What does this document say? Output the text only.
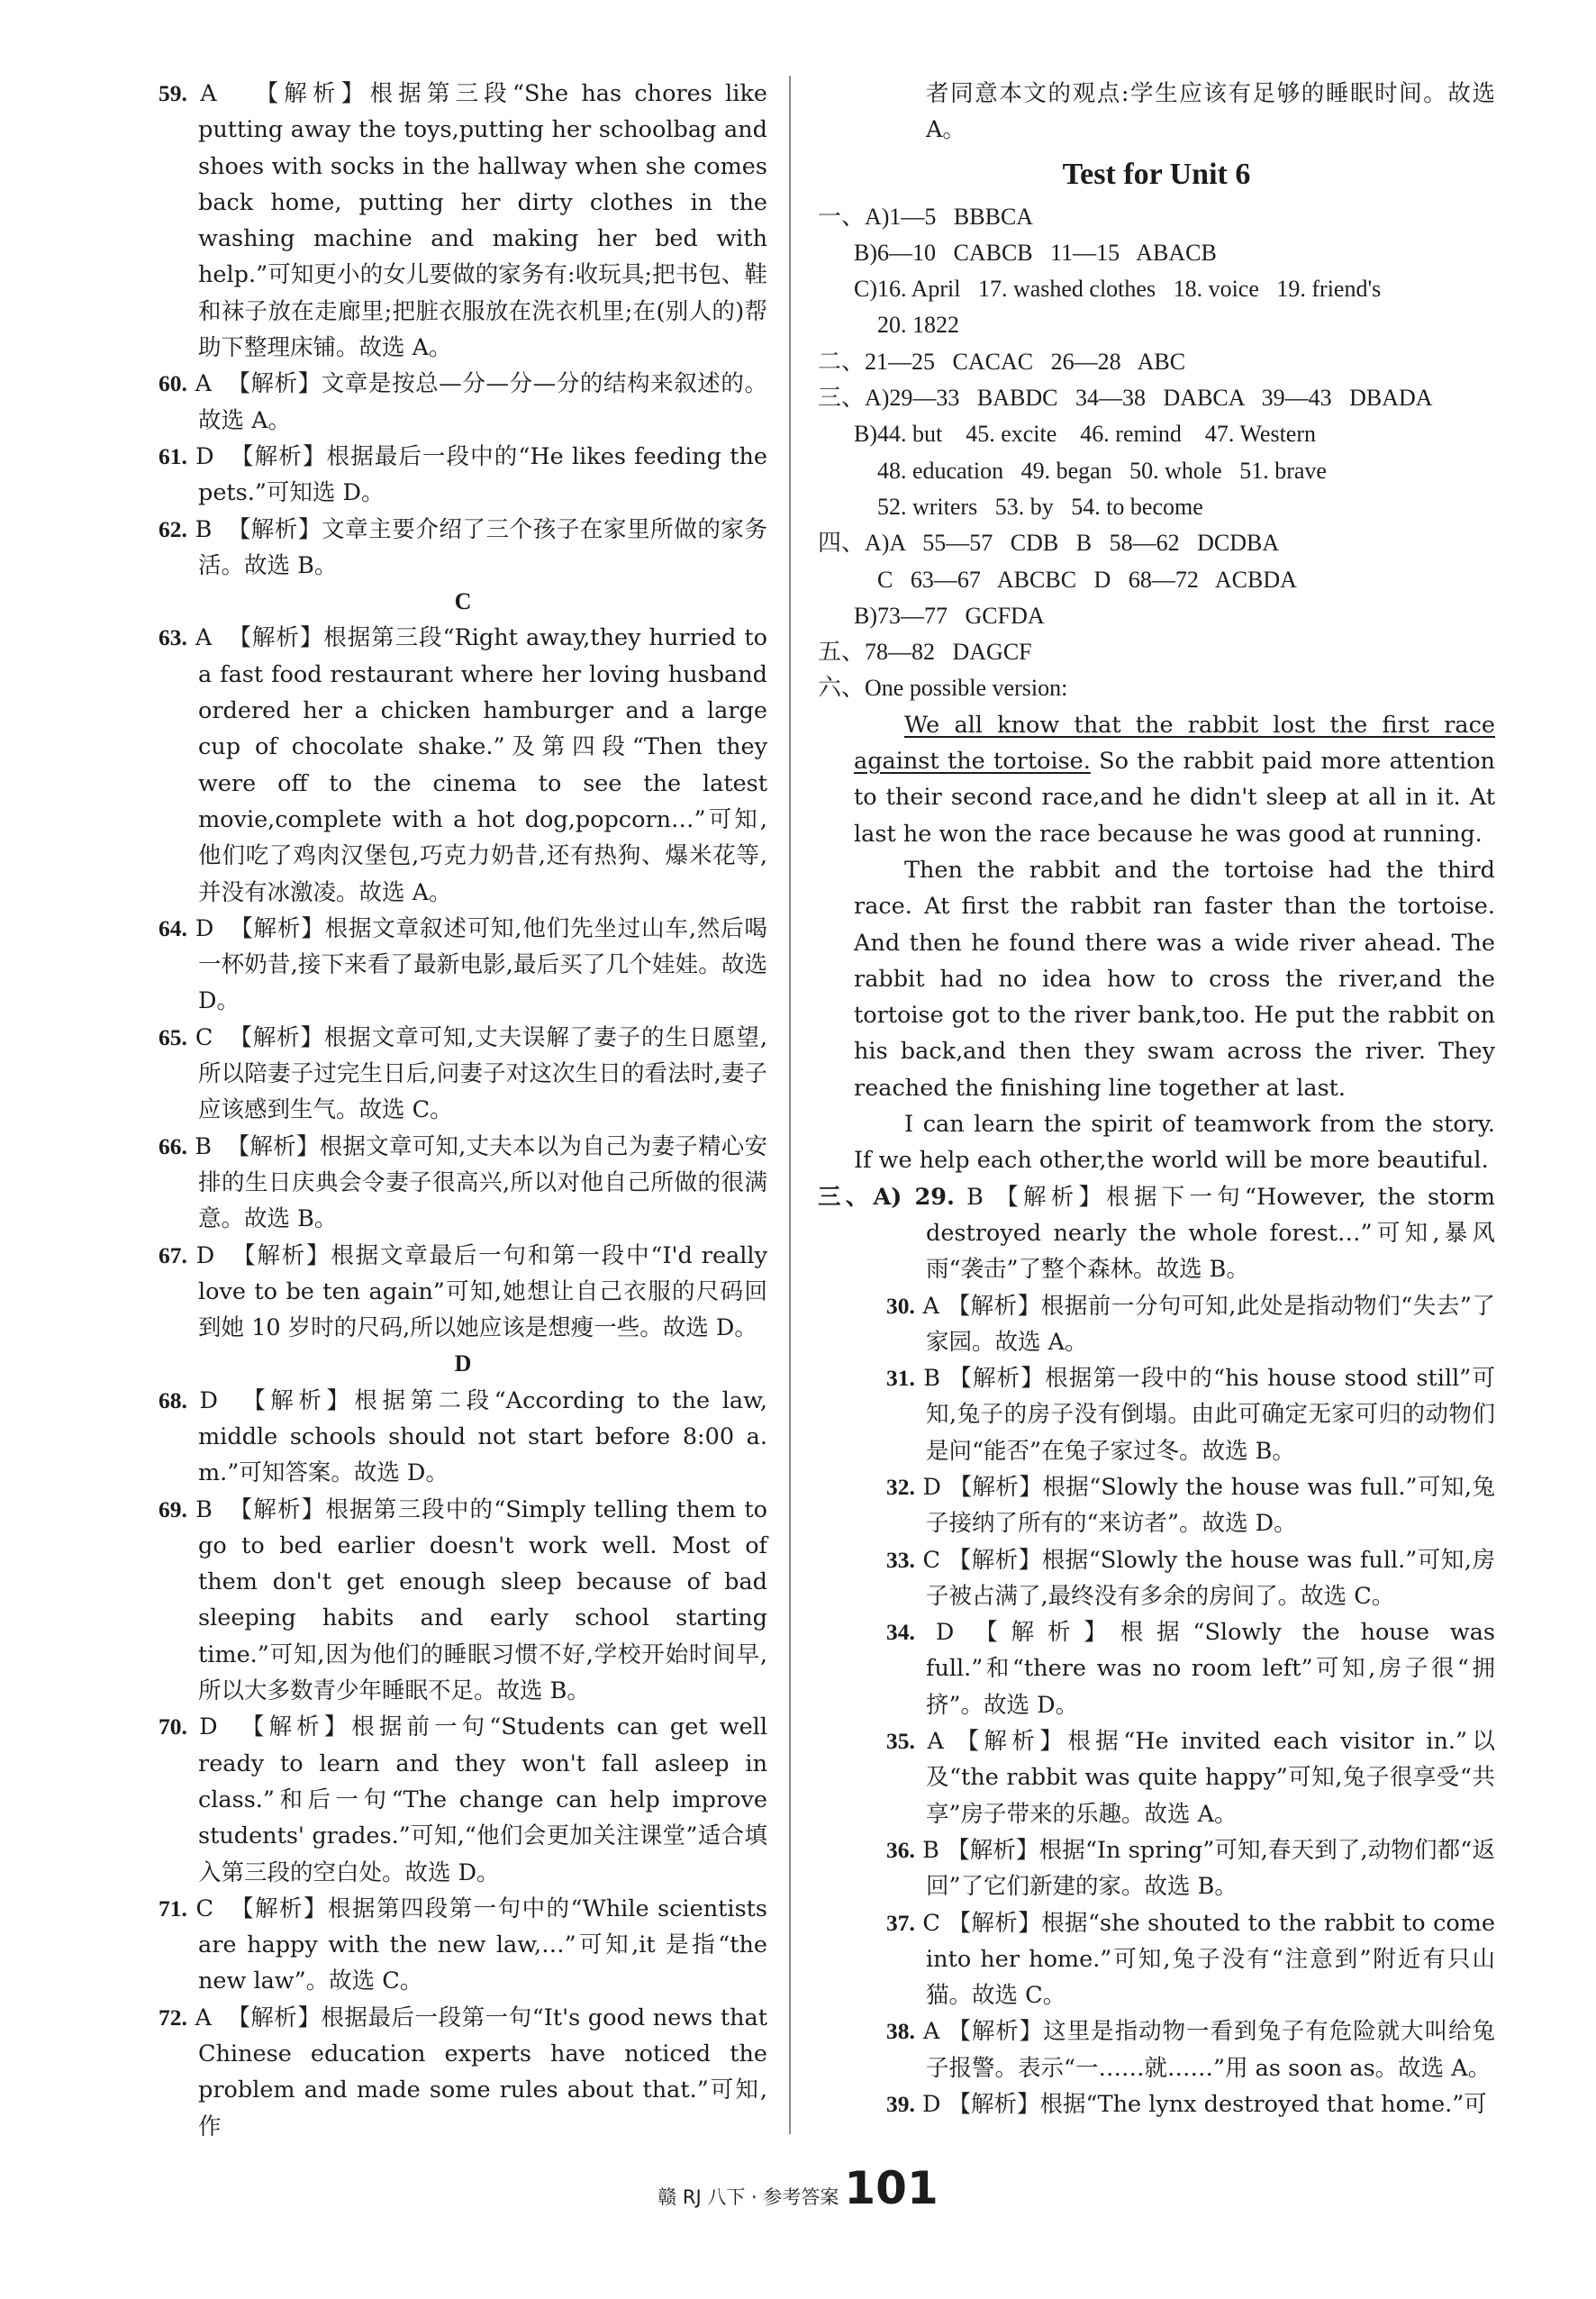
59. A   【解析】根据第三段“She has chores like putting away the toys,putting her schoolbag and shoes with socks in the hallway when she comes back home, putting her dirty clothes in the washing machine and making her bed with help.”可知更小的女儿要做的家务有:收玩具;把书包、鞋和袜子放在走廊里;把脏衣服放在洗衣机里;在(别人的)帮助下整理床铺。故选 A。
60. A  【解析】文章是按总—分—分—分的结构来叙述的。故选 A。
61. D  【解析】根据最后一段中的“He likes feeding the pets.”可知选 D。
62. B  【解析】文章主要介绍了三个孩子在家里所做的家务活。故选 B。
C
63. A  【解析】根据第三段“Right away,they hurried to a fast food restaurant where her loving husband ordered her a chicken hamburger and a large cup of chocolate shake.”及第四段“Then they were off to the cinema to see the latest movie,complete with a hot dog,popcorn…”可知,他们吃了鸡肉汉堡包,巧克力奶昔,还有热狗、爆米花等,并没有冰激凌。故选 A。
64. D  【解析】根据文章叙述可知,他们先坐过山车,然后喝一杯奶昔,接下来看了最新电影,最后买了几个娃娃。故选 D。
65. C  【解析】根据文章可知,丈夫误解了妻子的生日愿望,所以陪妻子过完生日后,问妻子对这次生日的看法时,妻子应该感到生气。故选 C。
66. B  【解析】根据文章可知,丈夫本以为自己为妻子精心安排的生日庆典会令妻子很高兴,所以对他自己所做的很满意。故选 B。
67. D  【解析】根据文章最后一句和第一段中“I'd really love to be ten again”可知,她想让自己衣服的尺码回到她 10 岁时的尺码,所以她应该是想瘦一些。故选 D。
D
68. D  【解析】根据第二段“According to the law, middle schools should not start before 8:00 a. m.”可知答案。故选 D。
69. B  【解析】根据第三段中的“Simply telling them to go to bed earlier doesn't work well. Most of them don't get enough sleep because of bad sleeping habits and early school starting time.”可知,因为他们的睡眠习惯不好,学校开始时间早,所以大多数青少年睡眠不足。故选 B。
70. D  【解析】根据前一句“Students can get well ready to learn and they won't fall asleep in class.”和后一句“The change can help improve students' grades.”可知,“他们会更加关注课堂”适合填入第三段的空白处。故选 D。
71. C  【解析】根据第四段第一句中的“While scientists are happy with the new law,…”可知,it 是指“the new law”。故选 C。
72. A  【解析】根据最后一段第一句“It's good news that Chinese education experts have noticed the problem and made some rules about that.”可知,作
者同意本文的观点:学生应该有足够的睡眠时间。故选 A。
Test for Unit 6
一、A)1—5   BBBCA
B)6—10   CABCB   11—15   ABACB
C)16. April   17. washed clothes   18. voice   19. friend's
20. 1822
二、21—25   CACAC   26—28   ABC
三、A)29—33   BABDC   34—38   DABCA   39—43   DBADA
B)44. but    45. excite    46. remind    47. Western
48. education   49. began   50. whole   51. brave
52. writers   53. by   54. to become
四、A)A   55—57   CDB   B   58—62   DCDBA
C   63—67   ABCBC   D   68—72   ACBDA
B)73—77   GCFDA
五、78—82   DAGCF
六、One possible version:
We all know that the rabbit lost the first race against the tortoise. So the rabbit paid more attention to their second race,and he didn't sleep at all in it. At last he won the race because he was good at running.
Then the rabbit and the tortoise had the third race. At first the rabbit ran faster than the tortoise. And then he found there was a wide river ahead. The rabbit had no idea how to cross the river,and the tortoise got to the river bank,too. He put the rabbit on his back,and then they swam across the river. They reached the finishing line together at last.
I can learn the spirit of teamwork from the story. If we help each other,the world will be more beautiful.
三、A) 29. B 【解析】根据下一句“However, the storm destroyed nearly the whole forest…”可知,暴风雨“袭击”了整个森林。故选 B。
30. A 【解析】根据前一分句可知,此处是指动物们“失去”了家园。故选 A。
31. B 【解析】根据第一段中的“his house stood still”可知,兔子的房子没有倒塌。由此可确定无家可归的动物们是问“能否”在兔子家过冬。故选 B。
32. D 【解析】根据“Slowly the house was full.”可知,兔子接纳了所有的“来访者”。故选 D。
33. C 【解析】根据“Slowly the house was full.”可知,房子被占满了,最终没有多余的房间了。故选 C。
34. D 【解析】根据“Slowly the house was full.”和“there was no room left”可知,房子很“拥挤”。故选 D。
35. A 【解析】根据“He invited each visitor in.”以及“the rabbit was quite happy”可知,兔子很享受“共享”房子带来的乐趣。故选 A。
36. B 【解析】根据“In spring”可知,春天到了,动物们都“返回”了它们新建的家。故选 B。
37. C 【解析】根据“she shouted to the rabbit to come into her home.”可知,兔子没有“注意到”附近有只山猫。故选 C。
38. A 【解析】这里是指动物一看到兔子有危险就大叫给兔子报警。表示“一……就……”用 as soon as。故选 A。
39. D 【解析】根据“The lynx destroyed that home.”可
赣 RJ 八下 · 参考答案 101
